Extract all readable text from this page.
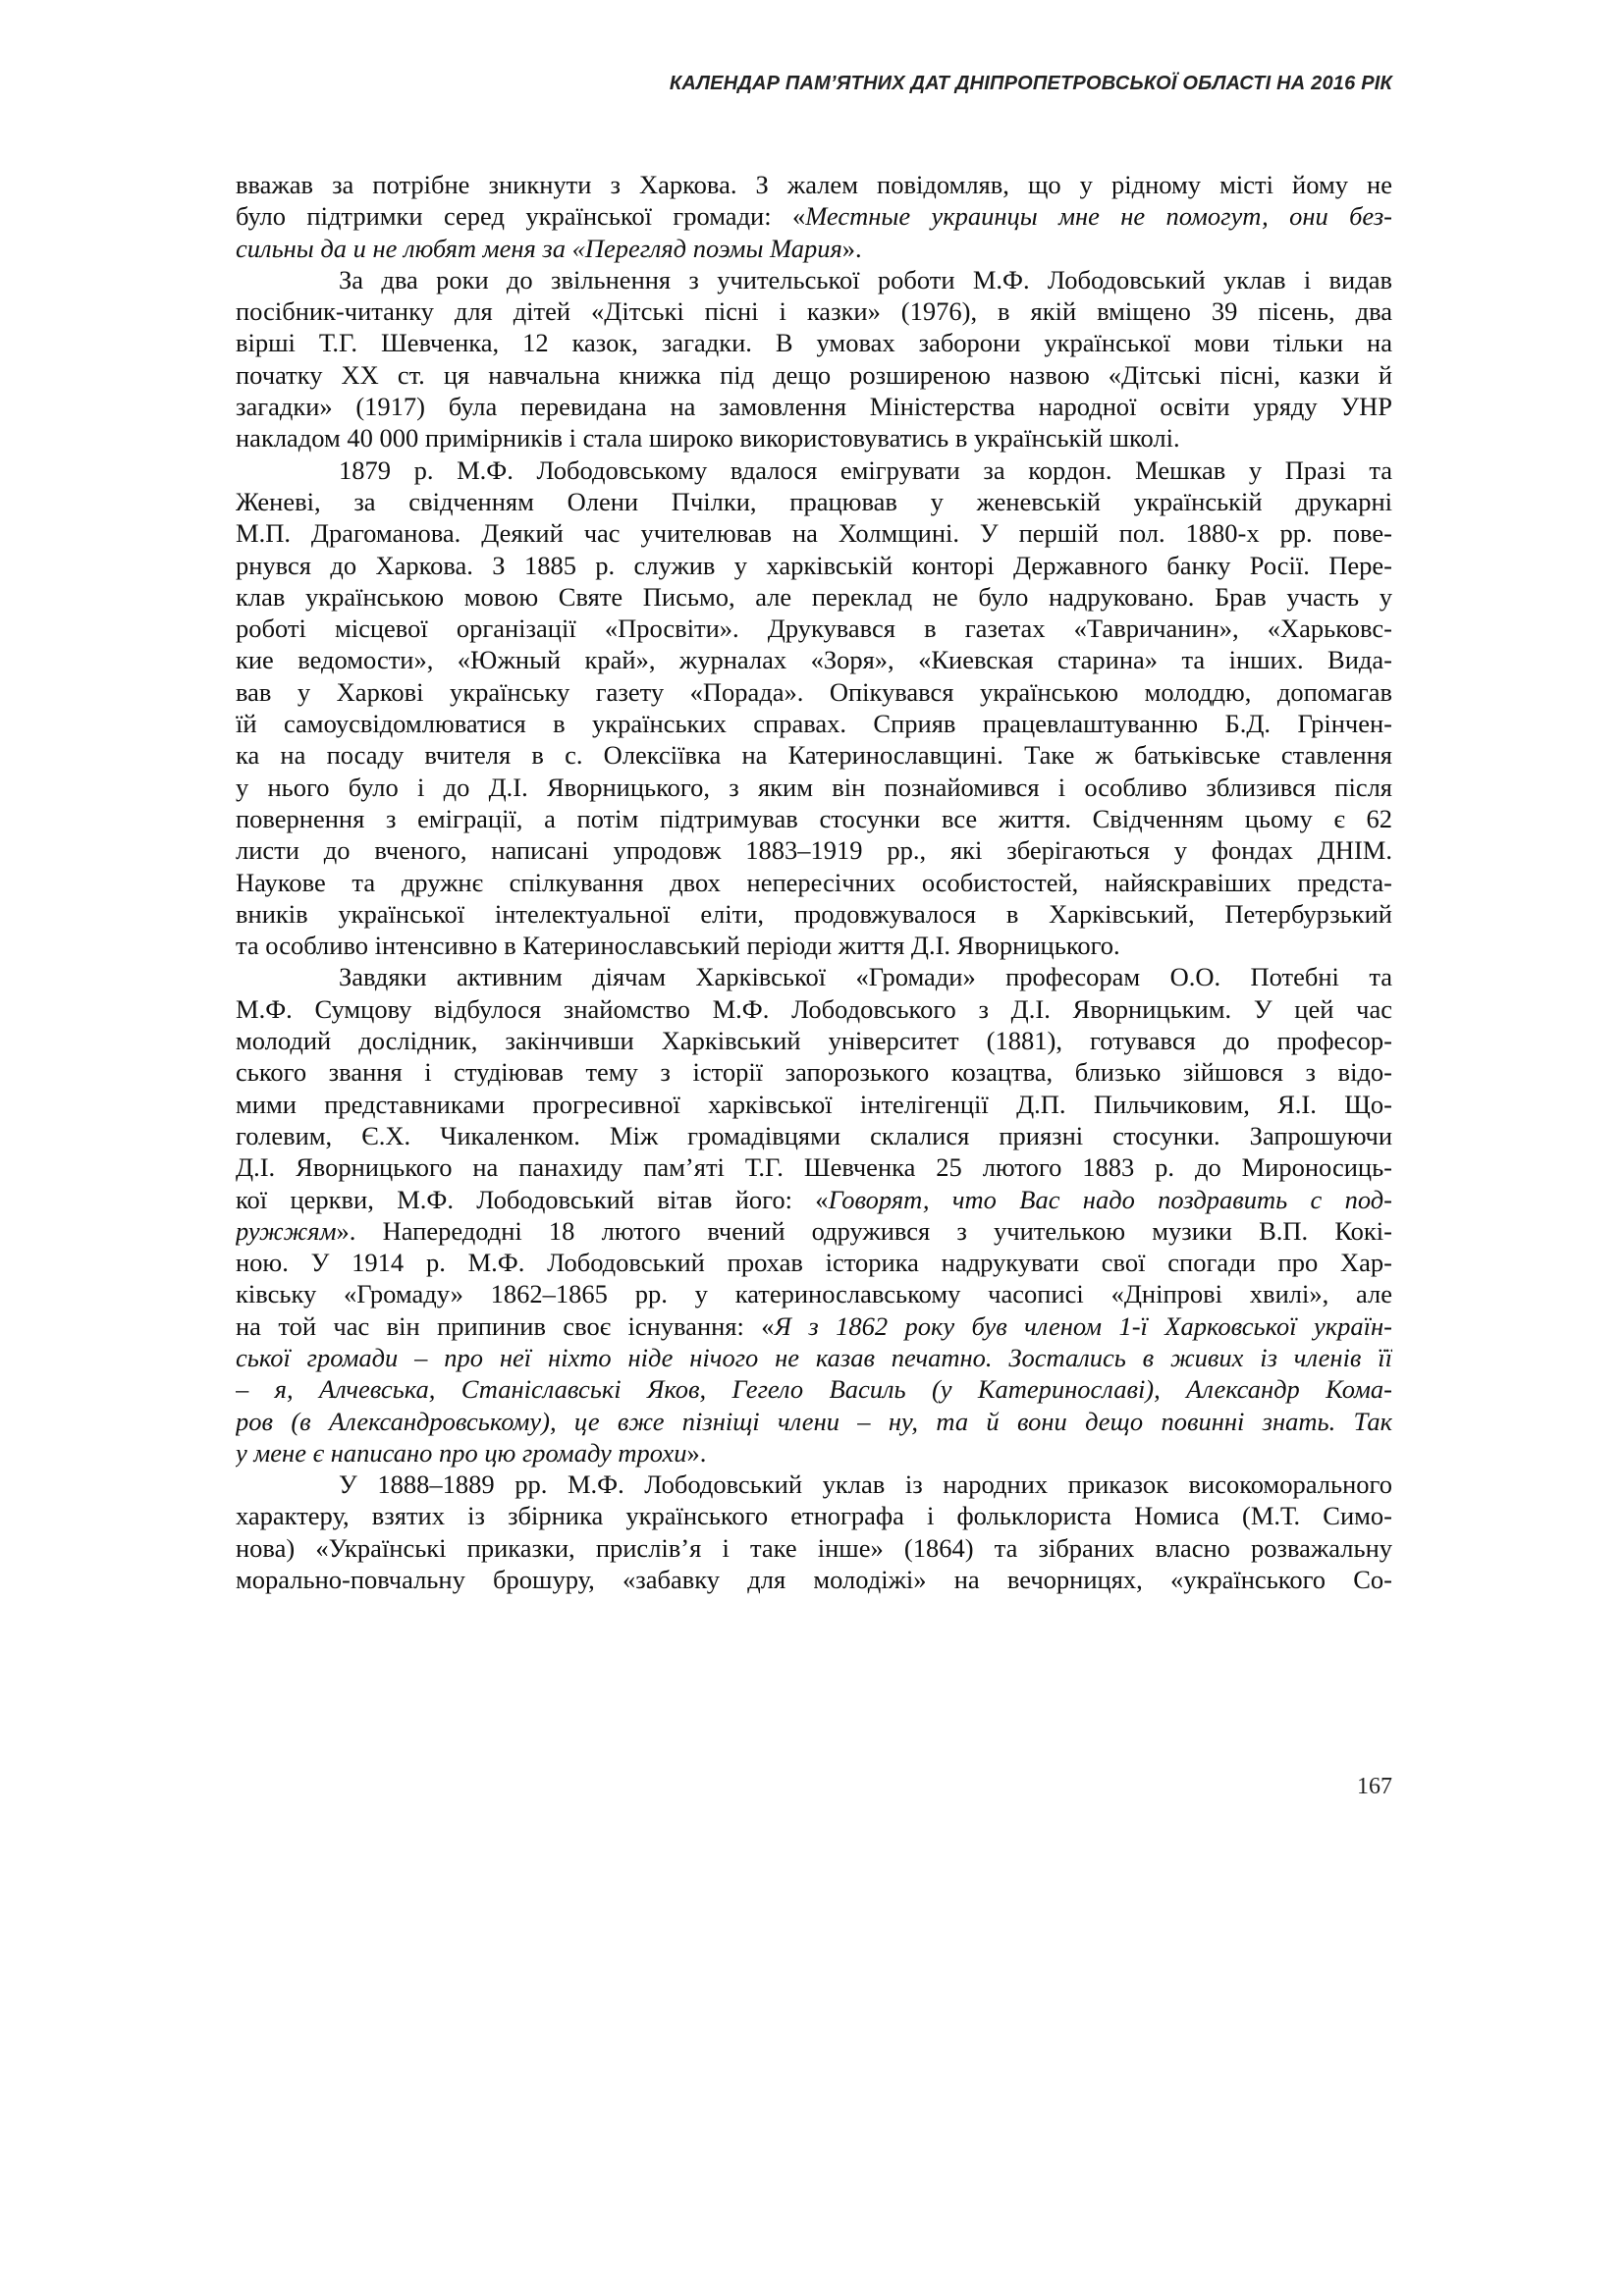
КАЛЕНДАР ПАМ’ЯТНИХ ДАТ ДНІПРОПЕТРОВСЬКОЇ ОБЛАСТІ НА 2016 РІК
вважав за потрібне зникнути з Харкова. З жалем повідомляв, що у рідному місті йому не
було підтримки серед української громади: «Местные украинцы мне не помогут, они без-
сильны да и не любят меня за «Перегляд поэмы Мария».
За два роки до звільнення з учительської роботи М.Ф. Лободовський уклав і видав
посібник-читанку для дітей «Дітські пісні і казки» (1976), в якій вміщено 39 пісень, два
вірші Т.Г. Шевченка, 12 казок, загадки. В умовах заборони української мови тільки на
початку ХХ ст. ця навчальна книжка під дещо розширеною назвою «Дітські пісні, казки й
загадки» (1917) була перевидана на замовлення Міністерства народної освіти уряду УНР
накладом 40 000 примірників і стала широко використовуватись в українській школі.
1879 р. М.Ф. Лободовському вдалося емігрувати за кордон. Мешкав у Празі та
Женеві, за свідченням Олени Пчілки, працював у женевській українській друкарні
М.П. Драгоманова. Деякий час учителював на Холмщині. У першій пол. 1880-х рр. пове-
рнувся до Харкова. З 1885 р. служив у харківській конторі Державного банку Росії. Пере-
клав українською мовою Святе Письмо, але переклад не було надруковано. Брав участь у
роботі місцевої організації «Просвіти». Друкувався в газетах «Тавричанин», «Харьковс-
кие ведомости», «Южный край», журналах «Зоря», «Киевская старина» та інших. Вида-
вав у Харкові українську газету «Порада». Опікувався українською молоддю, допомагав
їй самоусвідомлюватися в українських справах. Сприяв працевлаштуванню Б.Д. Грінчен-
ка на посаду вчителя в с. Олексіївка на Катеринославщині. Таке ж батьківське ставлення
у нього було і до Д.І. Яворницького, з яким він познайомився і особливо зблизився після
повернення з еміграції, а потім підтримував стосунки все життя. Свідченням цьому є 62
листи до вченого, написані упродовж 1883–1919 рр., які зберігаються у фондах ДНІМ.
Наукове та дружнє спілкування двох непересічних особистостей, найяскравіших предста-
вників української інтелектуальної еліти, продовжувалося в Харківський, Петербурзький
та особливо інтенсивно в Катеринославський періоди життя Д.І. Яворницького.
Завдяки активним діячам Харківської «Громади» професорам О.О. Потебні та
М.Ф. Сумцову відбулося знайомство М.Ф. Лободовського з Д.І. Яворницьким. У цей час
молодий дослідник, закінчивши Харківський університет (1881), готувався до професор-
ського звання і студіював тему з історії запорозького козацтва, близько зійшовся з відо-
мими представниками прогресивної харківської інтелігенції Д.П. Пильчиковим, Я.І. Що-
голевим, Є.Х. Чикаленком. Між громадівцями склалися приязні стосунки. Запрошуючи
Д.І. Яворницького на панахиду пам’яті Т.Г. Шевченка 25 лютого 1883 р. до Мироносиць-
кої церкви, М.Ф. Лободовський вітав його: «Говорят, что Вас надо поздравить с под-
ружжям». Напередодні 18 лютого вчений одружився з учителькою музики В.П. Кокі-
ною. У 1914 р. М.Ф. Лободовський прохав історика надрукувати свої спогади про Хар-
ківську «Громаду» 1862–1865 рр. у катеринославському часописі «Дніпрові хвилі», але
на той час він припинив своє існування: «Я з 1862 року був членом 1-ї Харковської україн-
ської громади – про неї ніхто ніде нічого не казав печатно. Зостались в живих із членів її
– я, Алчевська, Станіславські Яков, Гегело Василь (у Катеринославі), Александр Кома-
ров (в Александровському), це вже пізніщі члени – ну, та й вони дещо повинні знать. Так
у мене є написано про цю громаду трохи».
У 1888–1889 рр. М.Ф. Лободовський уклав із народних приказок високоморального
характеру, взятих із збірника українського етнографа і фольклориста Номиса (М.Т. Симо-
нова) «Українські приказки, прислів’я і таке інше» (1864) та зібраних власно розважальну
морально-повчальну брошуру, «забавку для молодіжі» на вечорницях, «українського Со-
167
